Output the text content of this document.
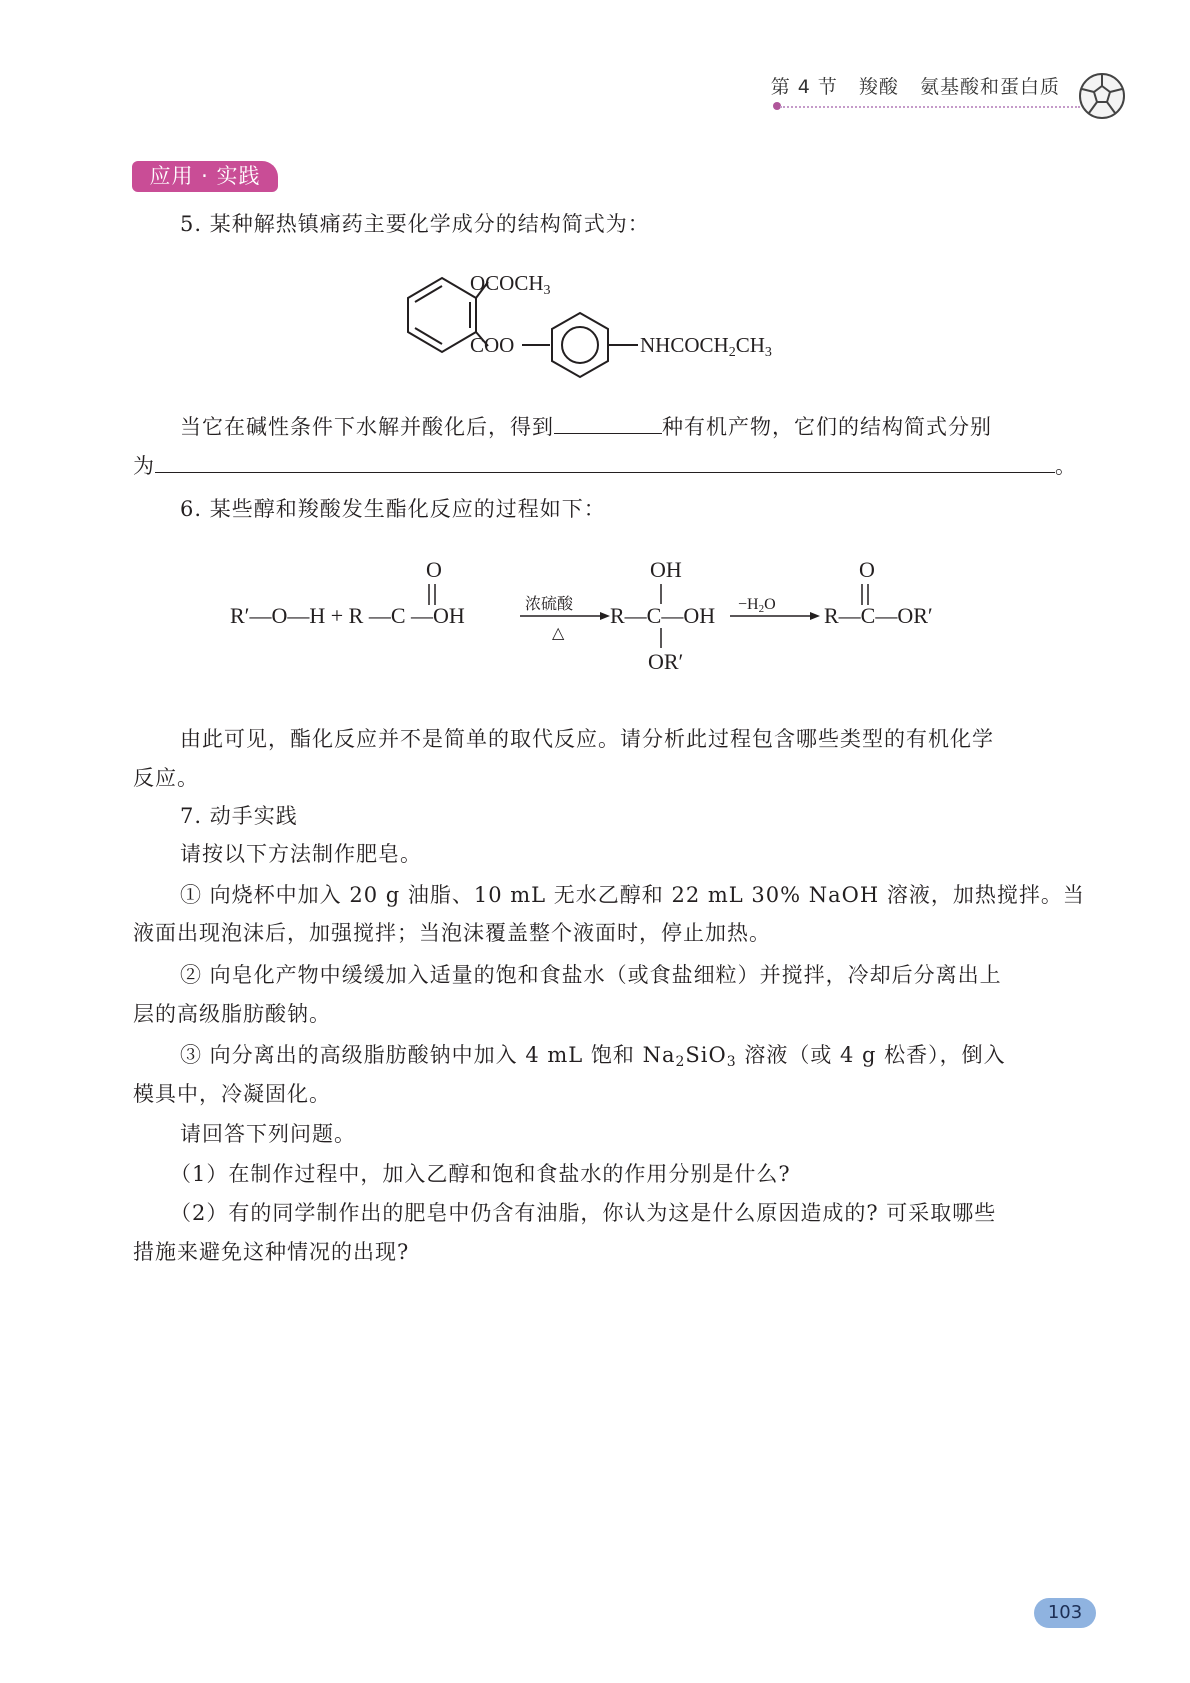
第 4 节 羧酸 氨基酸和蛋白质
应用 · 实践
5. 某种解热镇痛药主要化学成分的结构简式为：
$OCOCH_3$
COO	$NHCOCH_2CH_3$
当它在碱性条件下水解并酸化后，得到	种有机产物，它们的结构简式分别
为	。
6. 某些醇和羧酸发生酯化反应的过程如下：
R′—O—H + R —C —OH
O
浓硫酸
△
R—C—OH
OH
OR′
−H2O R—C—OR′
O
由此可见，酯化反应并不是简单的取代反应。请分析此过程包含哪些类型的有机化学
反应。
7. 动手实践
请按以下方法制作肥皂。
① 向烧杯中加入 20 g 油脂、10 mL 无水乙醇和 22 mL 30% NaOH 溶液，加热搅拌。当
液面出现泡沫后，加强搅拌；当泡沫覆盖整个液面时，停止加热。
② 向皂化产物中缓缓加入适量的饱和食盐水（或食盐细粒）并搅拌，冷却后分离出上
层的高级脂肪酸钠。
③ 向分离出的高级脂肪酸钠中加入 4 mL 饱和 $Na_2SiO_3$ 溶液（或 4 g 松香），倒入
模具中，冷凝固化。
请回答下列问题。
（1）在制作过程中，加入乙醇和饱和食盐水的作用分别是什么?
（2）有的同学制作出的肥皂中仍含有油脂，你认为这是什么原因造成的? 可采取哪些
措施来避免这种情况的出现?
103
